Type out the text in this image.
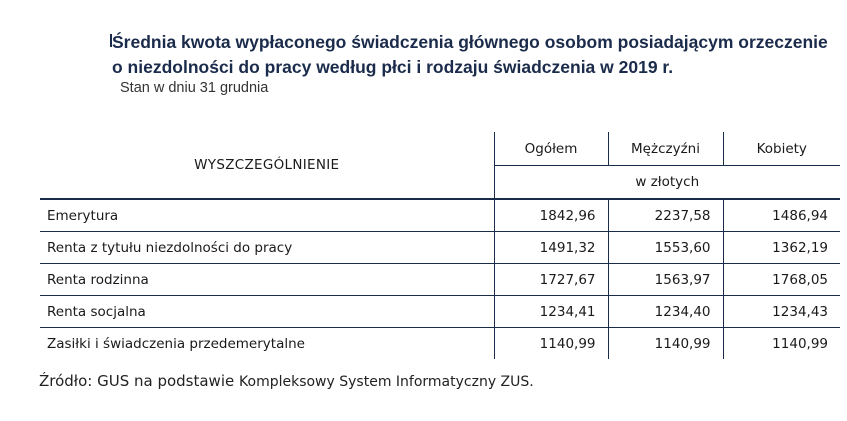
Średnia kwota wypłaconego świadczenia głównego osobom posiadającym orzeczenie
o niezdolności do pracy według płci i rodzaju świadczenia w 2019 r.
Stan w dniu 31 grudnia
WYSZCZEGÓLNIENIE	Ogółem	Mężczyźni	Kobiety
	w złotych		
Emerytura	1842,96	2237,58	1486,94
Renta z tytułu niezdolności do pracy	1491,32	1553,60	1362,19
Renta rodzinna	1727,67	1563,97	1768,05
Renta socjalna	1234,41	1234,40	1234,43
Zasiłki i świadczenia przedemerytalne	1140,99	1140,99	1140,99
Źródło: GUS na podstawie Kompleksowy System Informatyczny ZUS.
